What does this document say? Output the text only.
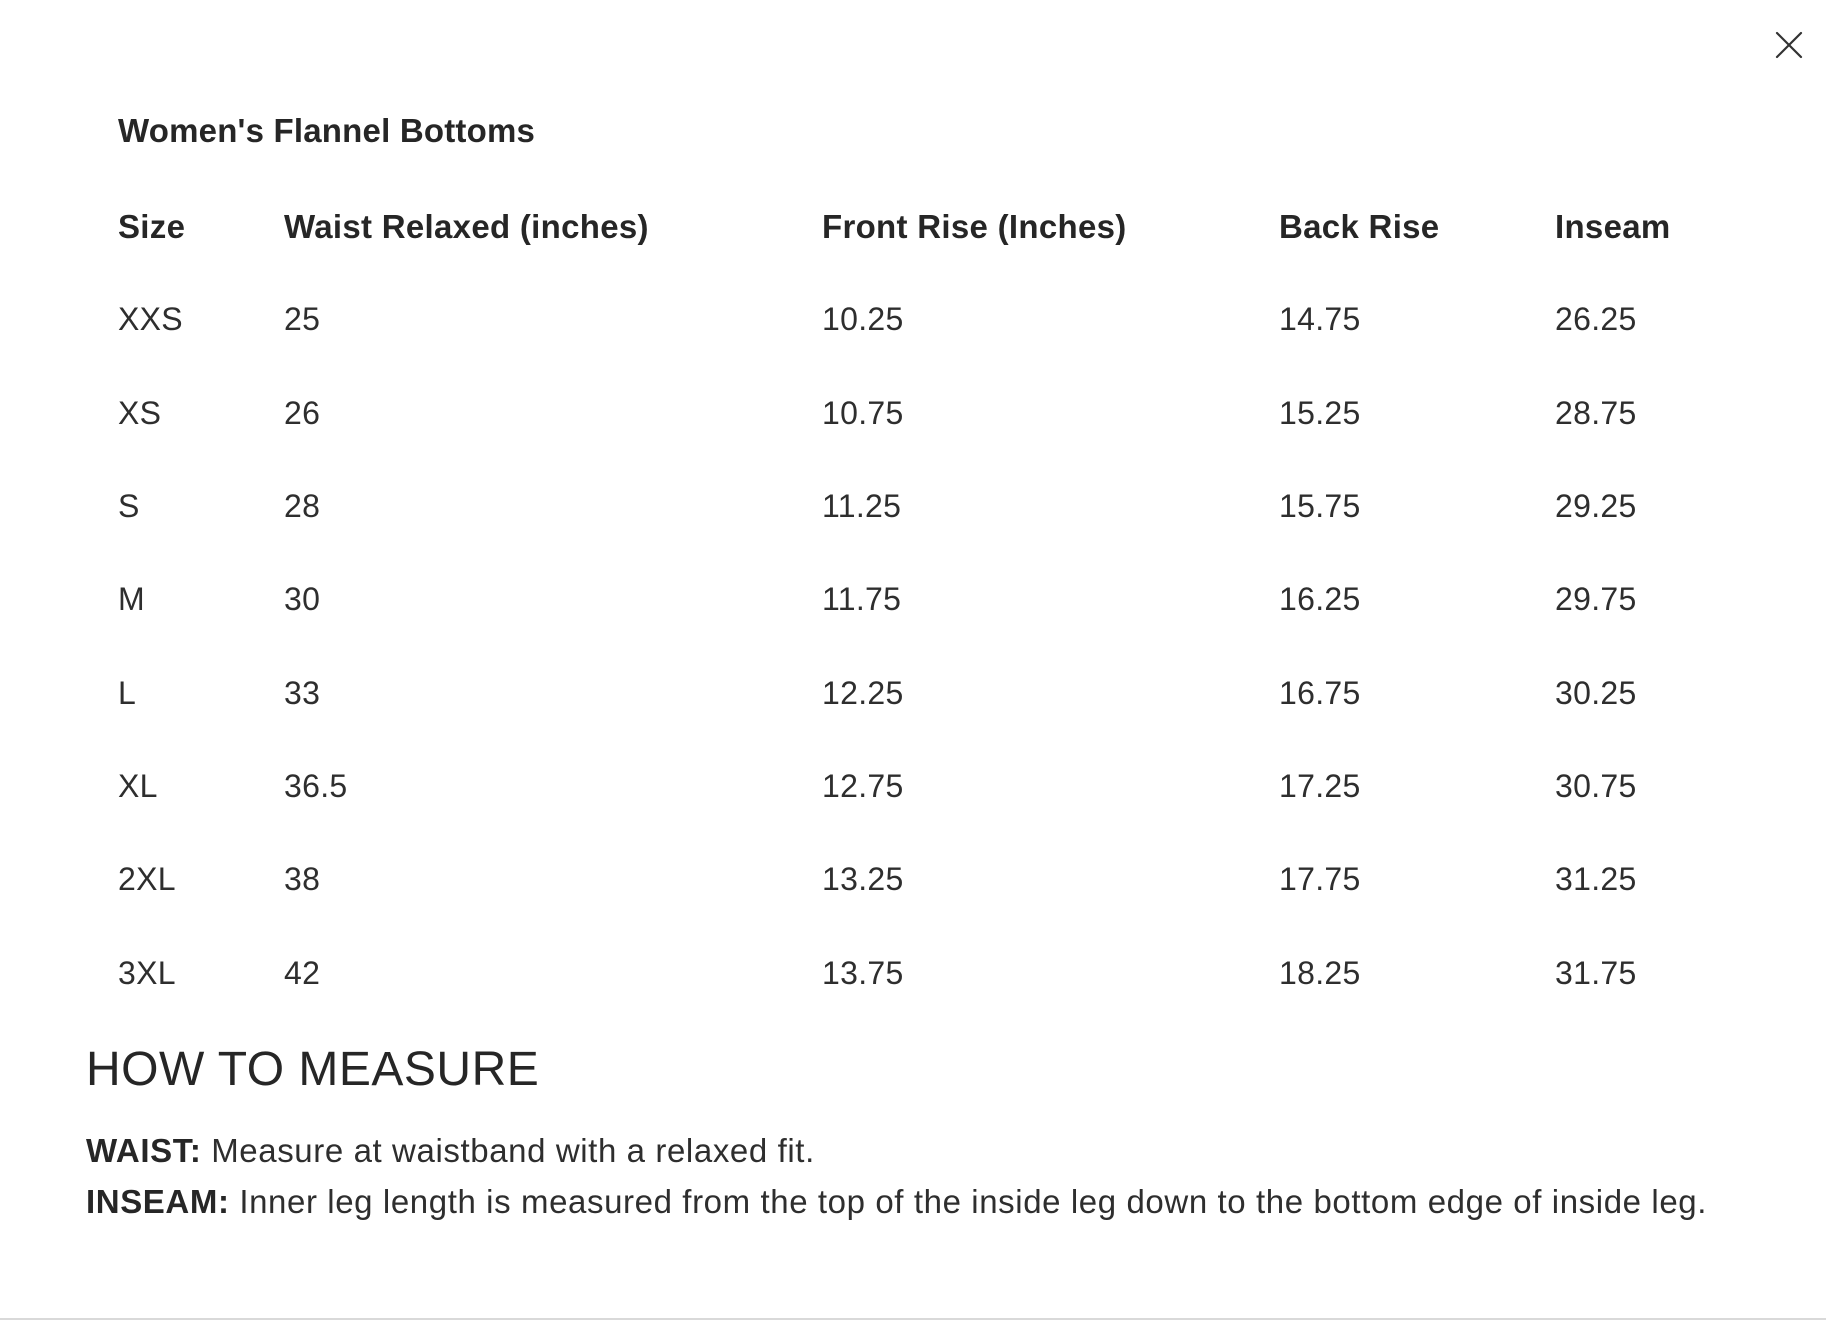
Women's Flannel Bottoms
Size	Waist Relaxed (inches)	Front Rise (Inches)	Back Rise	Inseam
XXS	25	10.25	14.75	26.25
XS	26	10.75	15.25	28.75
S	28	11.25	15.75	29.25
M	30	11.75	16.25	29.75
L	33	12.25	16.75	30.25
XL	36.5	12.75	17.25	30.75
2XL	38	13.25	17.75	31.25
3XL	42	13.75	18.25	31.75
HOW TO MEASURE

WAIST: Measure at waistband with a relaxed fit.

INSEAM: Inner leg length is measured from the top of the inside leg down to the bottom edge of inside leg.
